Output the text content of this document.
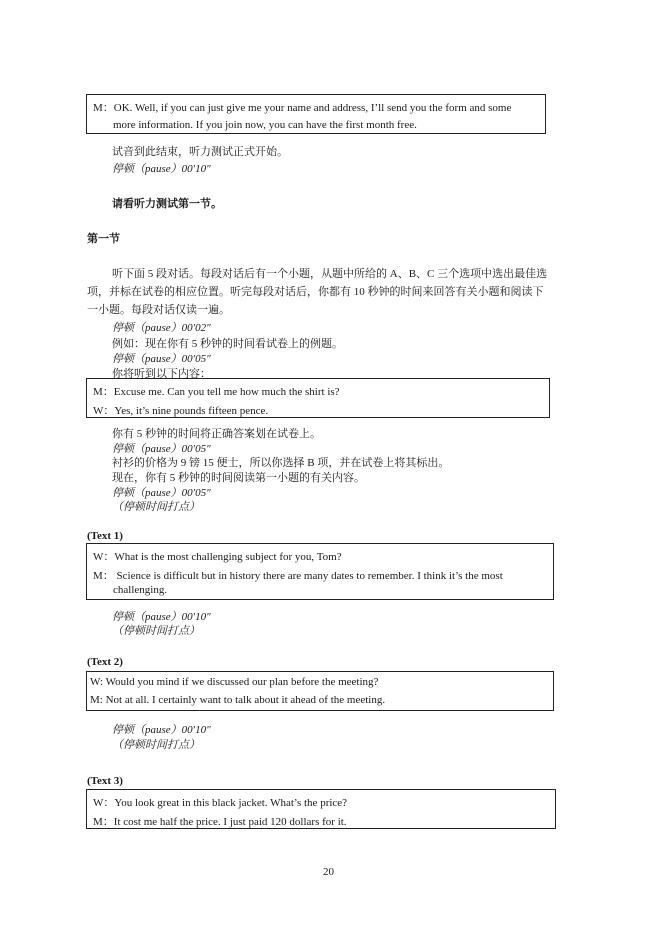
M：OK. Well, if you can just give me your name and address, I’ll send you the form and some
more information. If you join now, you can have the first month free.
试音到此结束，听力测试正式开始。
停顿（pause）00′10″
请看听力测试第一节。
第一节
听下面 5 段对话。每段对话后有一个小题，从题中所给的 A、B、C 三个选项中选出最佳选
项，并标在试卷的相应位置。听完每段对话后，你都有 10 秒钟的时间来回答有关小题和阅读下
一小题。每段对话仅读一遍。
停顿（pause）00′02″
例如：现在你有 5 秒钟的时间看试卷上的例题。
停顿（pause）00′05″
你将听到以下内容：
M：Excuse me. Can you tell me how much the shirt is?
W：Yes, it’s nine pounds fifteen pence.
你有 5 秒钟的时间将正确答案划在试卷上。
停顿（pause）00′05″
衬衫的价格为 9 镑 15 便士，所以你选择 B 项，并在试卷上将其标出。
现在，你有 5 秒钟的时间阅读第一小题的有关内容。
停顿（pause）00′05″
（停顿时间打点）
(Text 1)
W：What is the most challenging subject for you, Tom?
M： Science is difficult but in history there are many dates to remember. I think it’s the most
challenging.
停顿（pause）00′10″
（停顿时间打点）
(Text 2)
W: Would you mind if we discussed our plan before the meeting?
M: Not at all. I certainly want to talk about it ahead of the meeting.
停顿（pause）00′10″
（停顿时间打点）
(Text 3)
W：You look great in this black jacket. What’s the price?
M：It cost me half the price. I just paid 120 dollars for it.
20
